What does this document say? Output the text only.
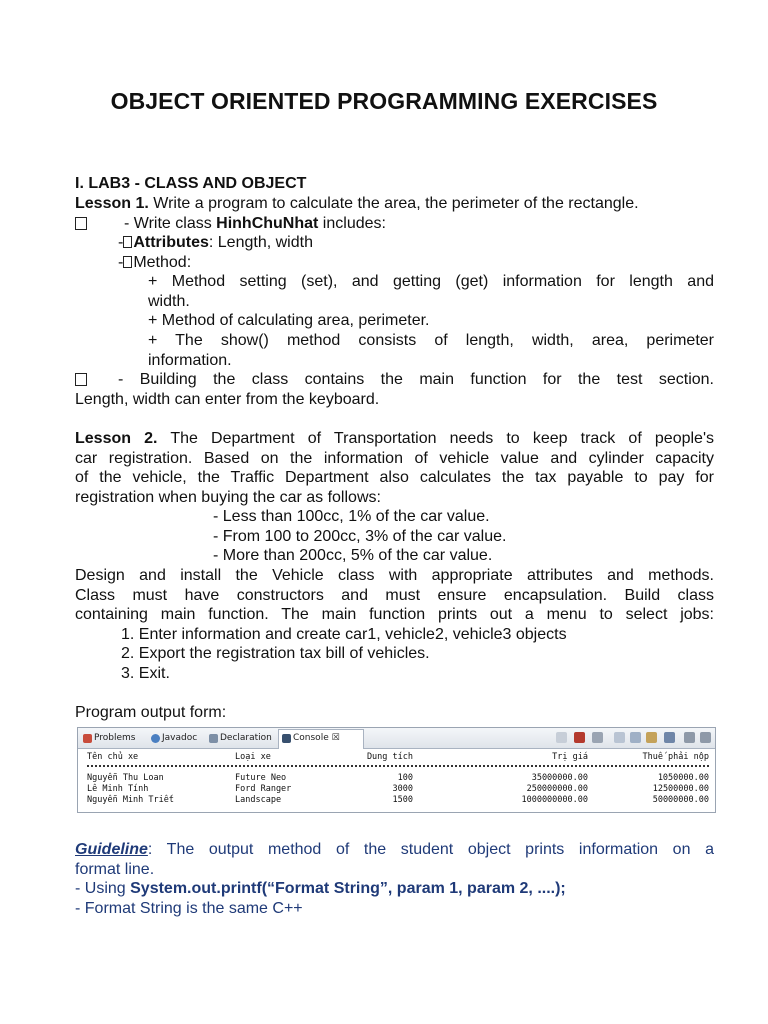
OBJECT ORIENTED PROGRAMMING EXERCISES
I. LAB3 - CLASS AND OBJECT
Lesson 1. Write a program to calculate the area, the perimeter of the rectangle.
- Write class HinhChuNhat includes:
- Attributes: Length, width
- Method:
+ Method setting (set), and getting (get) information for length and
width.
+ Method of calculating area, perimeter.
+ The show() method consists of length, width, area, perimeter
information.
- Building the class contains the main function for the test section.
Length, width can enter from the keyboard.
Lesson 2. The Department of Transportation needs to keep track of people's
car registration. Based on the information of vehicle value and cylinder capacity
of the vehicle, the Traffic Department also calculates the tax payable to pay for
registration when buying the car as follows:
- Less than 100cc, 1% of the car value.
- From 100 to 200cc, 3% of the car value.
- More than 200cc, 5% of the car value.
Design and install the Vehicle class with appropriate attributes and methods.
Class must have constructors and must ensure encapsulation. Build class
containing main function. The main function prints out a menu to select jobs:
1. Enter information and create car1, vehicle2, vehicle3 objects
2. Export the registration tax bill of vehicles.
3. Exit.
Program output form:
Problems	Javadoc	Declaration	Console ☒
Tên chủ xe	Loại xe	Dung tích	Trị giá	Thuế phải nộp
Nguyễn Thu Loan	Future Neo	100	35000000.00	1050000.00
Lê Minh Tính	Ford Ranger	3000	250000000.00	12500000.00
Nguyễn Minh Triết	Landscape	1500	1000000000.00	50000000.00
Guideline: The output method of the student object prints information on a
format line.
- Using System.out.printf(“Format String”, param 1, param 2, ....);
- Format String is the same C++
